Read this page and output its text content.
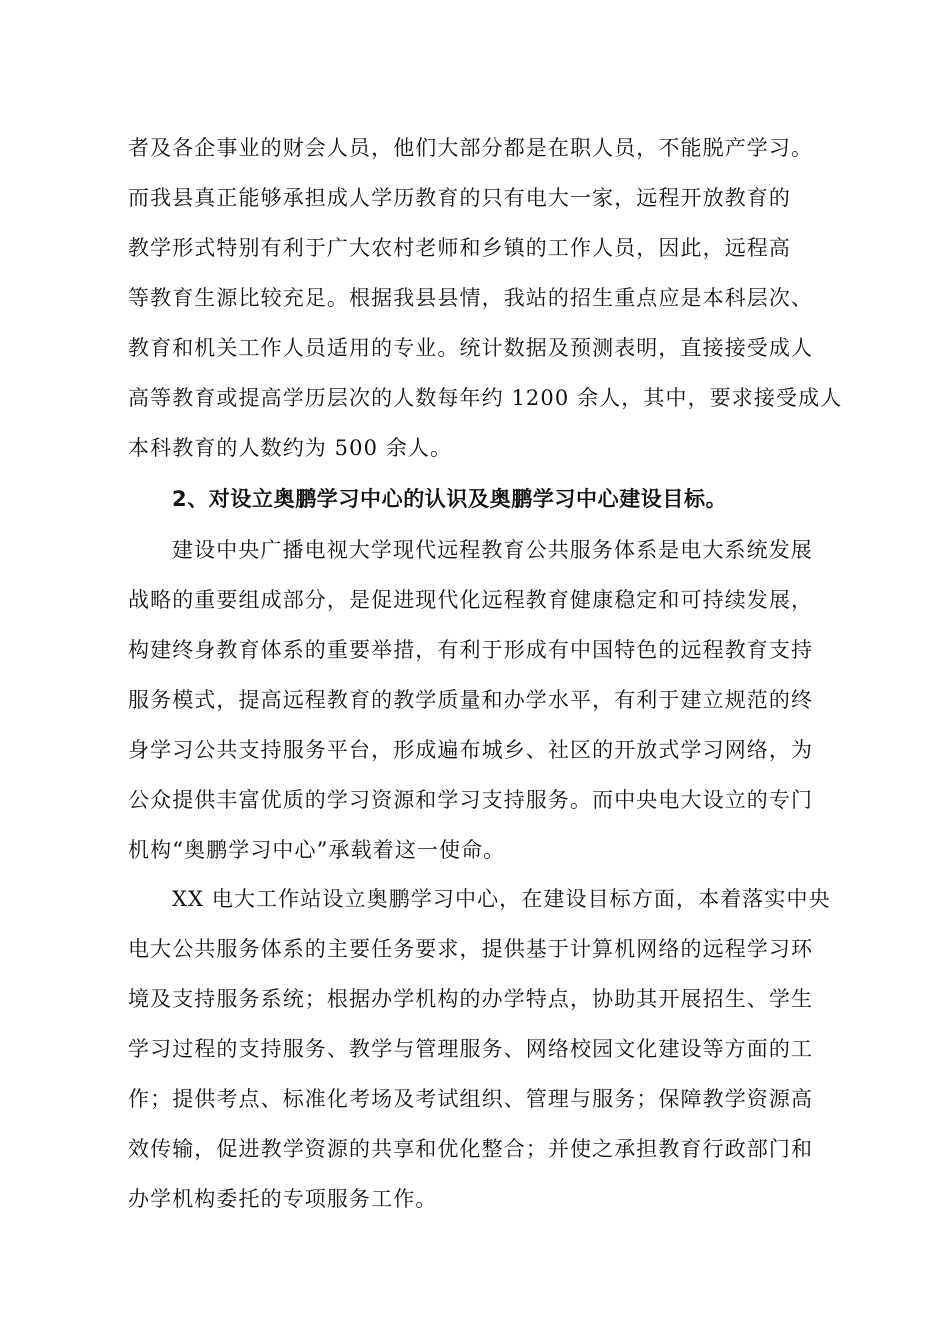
者及各企事业的财会人员，他们大部分都是在职人员，不能脱产学习。
而我县真正能够承担成人学历教育的只有电大一家，远程开放教育的
教学形式特别有利于广大农村老师和乡镇的工作人员，因此，远程高
等教育生源比较充足。根据我县县情，我站的招生重点应是本科层次、
教育和机关工作人员适用的专业。统计数据及预测表明，直接接受成人
高等教育或提高学历层次的人数每年约 1200 余人，其中，要求接受成人
本科教育的人数约为 500 余人。
2、对设立奥鹏学习中心的认识及奥鹏学习中心建设目标。
建设中央广播电视大学现代远程教育公共服务体系是电大系统发展
战略的重要组成部分，是促进现代化远程教育健康稳定和可持续发展，
构建终身教育体系的重要举措，有利于形成有中国特色的远程教育支持
服务模式，提高远程教育的教学质量和办学水平，有利于建立规范的终
身学习公共支持服务平台，形成遍布城乡、社区的开放式学习网络，为
公众提供丰富优质的学习资源和学习支持服务。而中央电大设立的专门
机构“奥鹏学习中心”承载着这一使命。
XX 电大工作站设立奥鹏学习中心，在建设目标方面，本着落实中央
电大公共服务体系的主要任务要求，提供基于计算机网络的远程学习环
境及支持服务系统；根据办学机构的办学特点，协助其开展招生、学生
学习过程的支持服务、教学与管理服务、网络校园文化建设等方面的工
作；提供考点、标准化考场及考试组织、管理与服务；保障教学资源高
效传输，促进教学资源的共享和优化整合；并使之承担教育行政部门和
办学机构委托的专项服务工作。
